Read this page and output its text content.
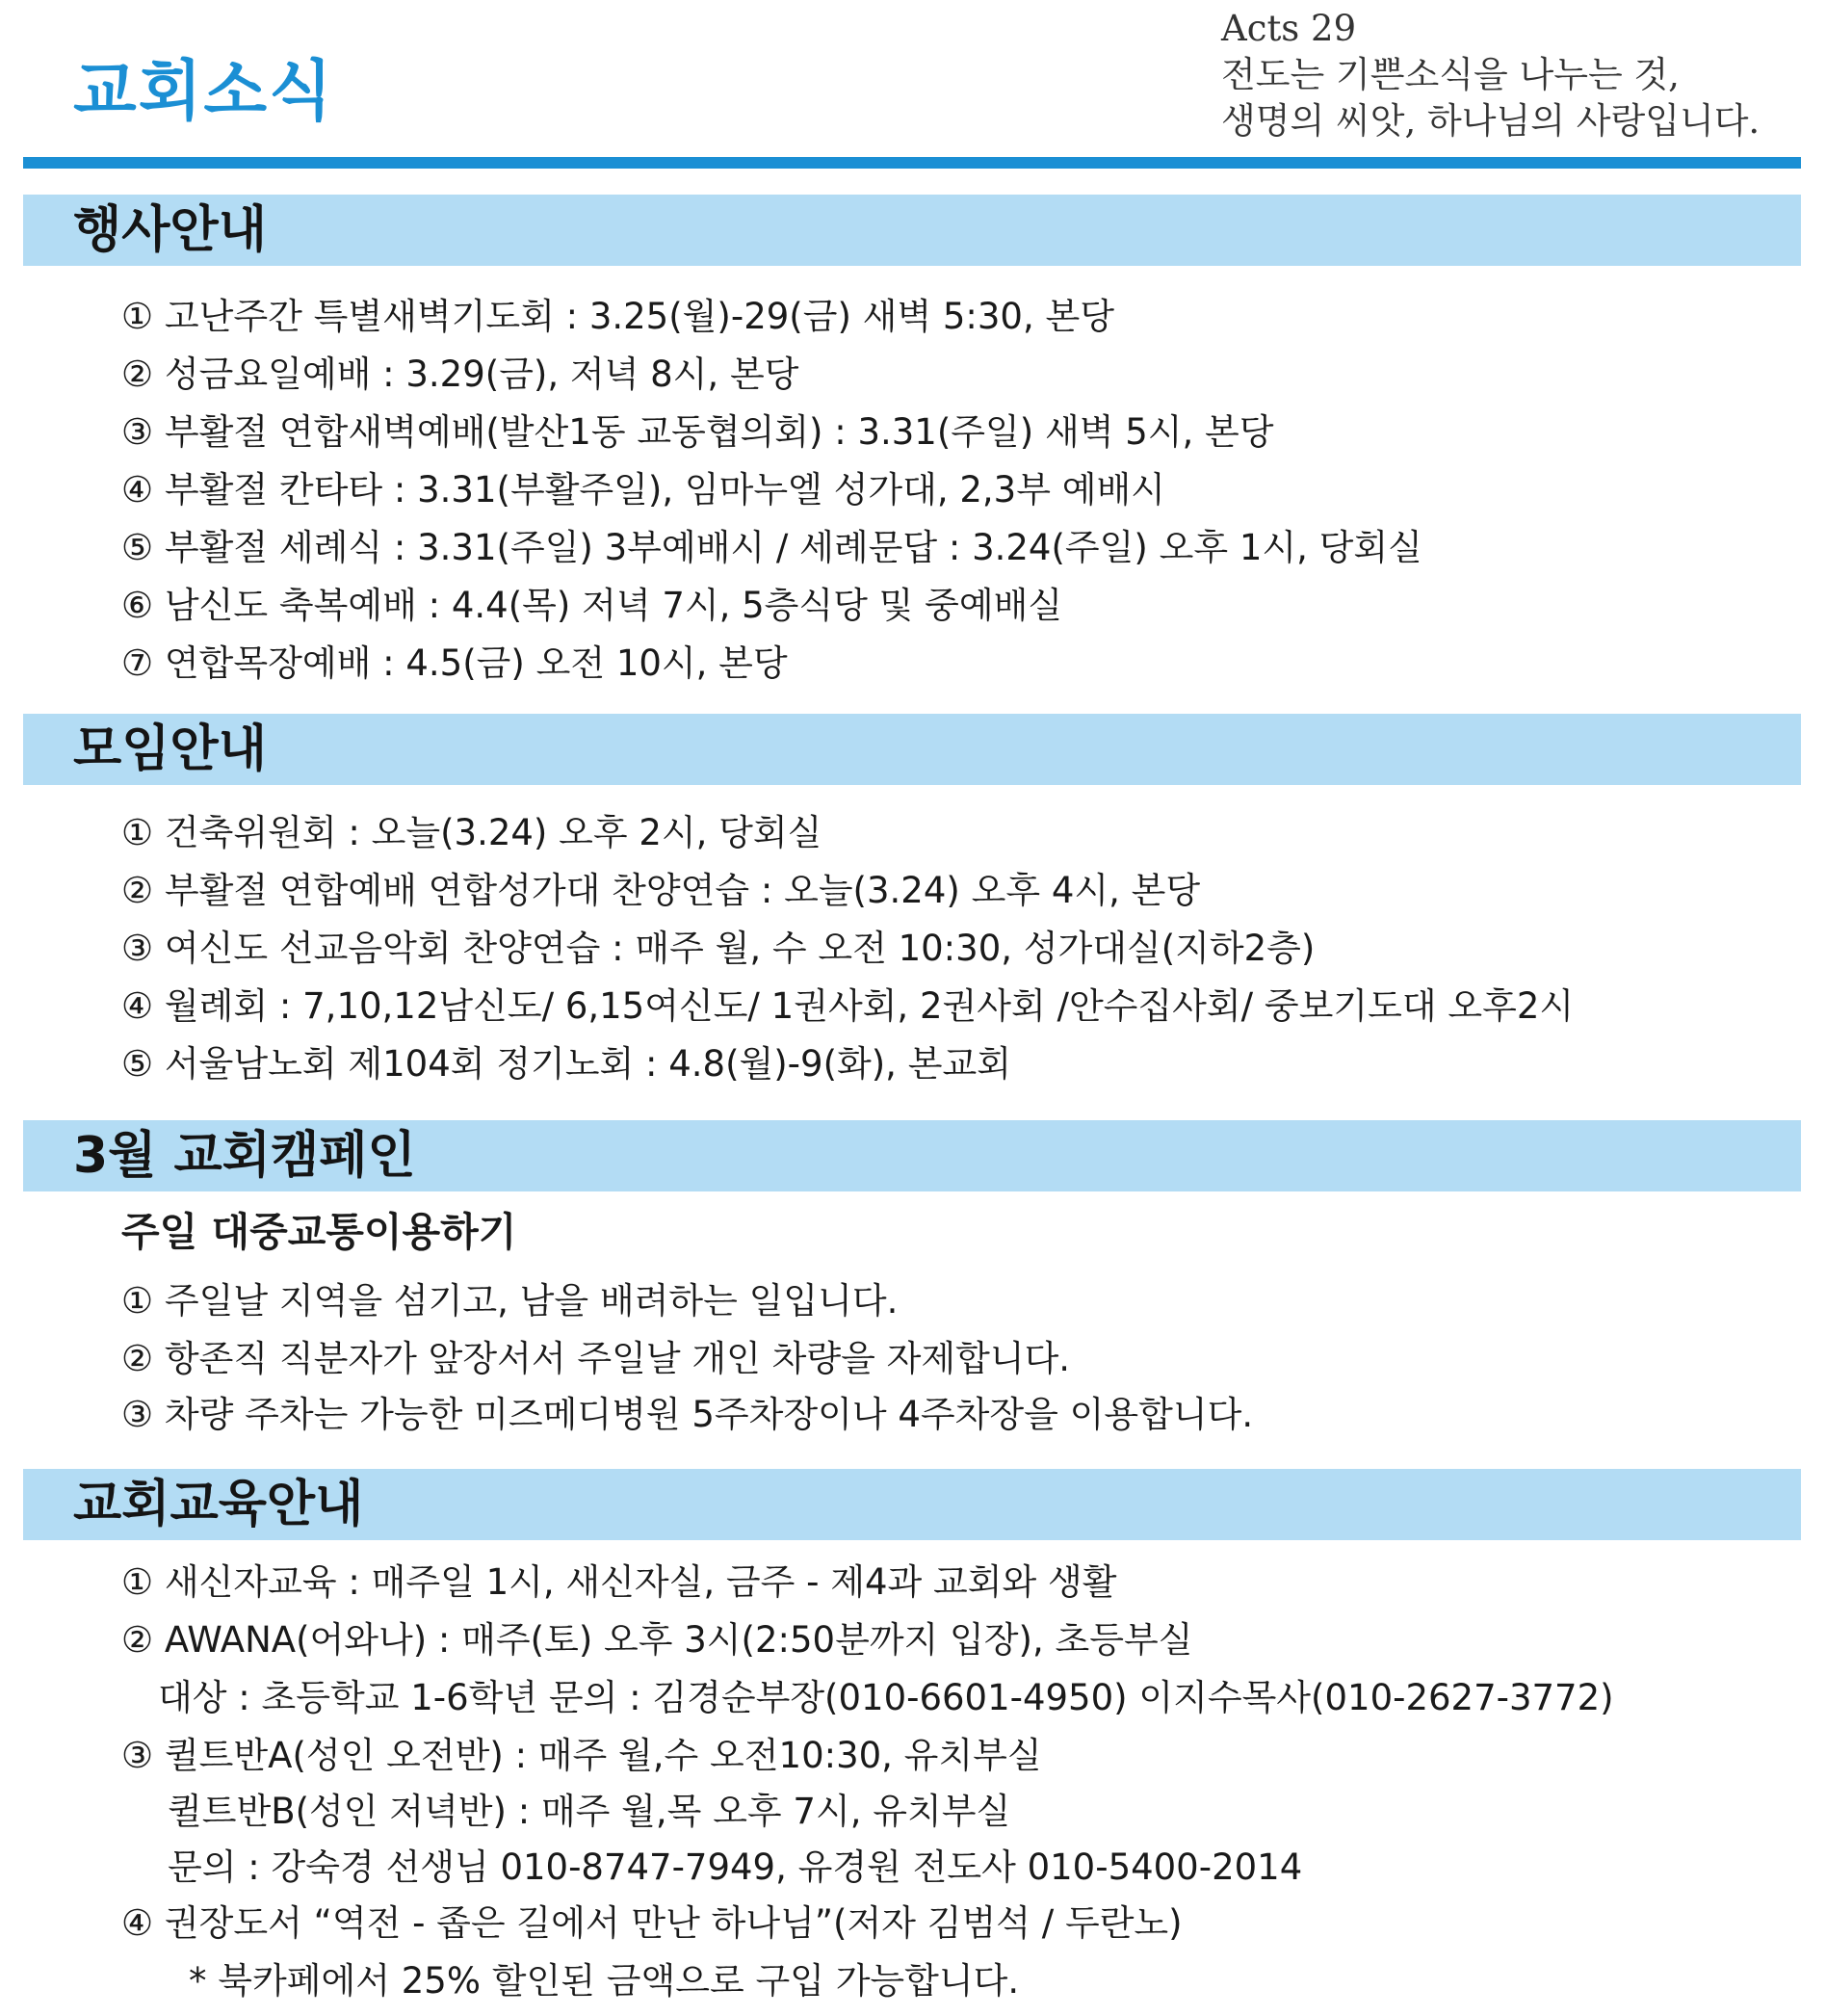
교회소식
Acts 29
전도는 기쁜소식을 나누는 것,
생명의 씨앗, 하나님의 사랑입니다.
행사안내
① 고난주간 특별새벽기도회 : 3.25(월)-29(금) 새벽 5:30, 본당
② 성금요일예배 : 3.29(금), 저녁 8시, 본당
③ 부활절 연합새벽예배(발산1동 교동협의회) : 3.31(주일) 새벽 5시, 본당
④ 부활절 칸타타 : 3.31(부활주일), 임마누엘 성가대, 2,3부 예배시
⑤ 부활절 세례식 : 3.31(주일) 3부예배시 / 세례문답 : 3.24(주일) 오후 1시, 당회실
⑥ 남신도 축복예배 : 4.4(목) 저녁 7시, 5층식당 및 중예배실
⑦ 연합목장예배 : 4.5(금) 오전 10시, 본당
모임안내
① 건축위원회 : 오늘(3.24) 오후 2시, 당회실
② 부활절 연합예배 연합성가대 찬양연습 : 오늘(3.24) 오후 4시, 본당
③ 여신도 선교음악회 찬양연습 : 매주 월, 수 오전 10:30, 성가대실(지하2층)
④ 월례회 : 7,10,12남신도/ 6,15여신도/ 1권사회, 2권사회 /안수집사회/ 중보기도대 오후2시
⑤ 서울남노회 제104회 정기노회 : 4.8(월)-9(화), 본교회
3월 교회캠페인
주일 대중교통이용하기
① 주일날 지역을 섬기고, 남을 배려하는 일입니다.
② 항존직 직분자가 앞장서서 주일날 개인 차량을 자제합니다.
③ 차량 주차는 가능한 미즈메디병원 5주차장이나 4주차장을 이용합니다.
교회교육안내
① 새신자교육 : 매주일 1시, 새신자실, 금주 - 제4과 교회와 생활
② AWANA(어와나) : 매주(토) 오후 3시(2:50분까지 입장), 초등부실
대상 : 초등학교 1-6학년 문의 : 김경순부장(010-6601-4950) 이지수목사(010-2627-3772)
③ 퀼트반A(성인 오전반) : 매주 월,수 오전10:30, 유치부실
퀼트반B(성인 저녁반) : 매주 월,목 오후 7시, 유치부실
문의 : 강숙경 선생님 010-8747-7949, 유경원 전도사 010-5400-2014
④ 권장도서 “역전 - 좁은 길에서 만난 하나님”(저자 김범석 / 두란노)
* 북카페에서 25% 할인된 금액으로 구입 가능합니다.
